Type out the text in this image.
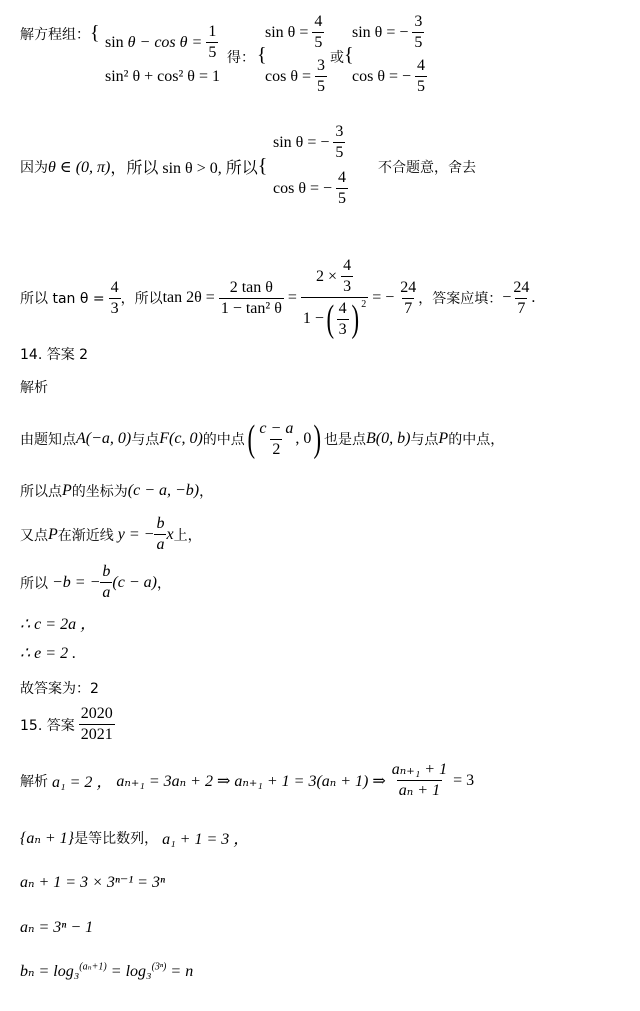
解方程组： { sin
θ − cos
θ =
$\frac{1}{5}$
sin² θ + cos² θ = 1
得： {
sin θ =
$\frac{4}{5}$
cos θ =
$\frac{3}{5}$ 或 {
sin θ = −
$\frac{3}{5}$
cos θ = −
$\frac{4}{5}$
因为 θ ∈ (0, π) ，所以 sin θ > 0, 所以 {
sin θ = −
$\frac{3}{5}$
cos θ = −
$\frac{4}{5}$
不合题意，舍去
所以 tan θ =
$\frac{4}{3}$ ，所以 tan 2θ =
$\frac{\text{2 tan θ}}{\text{1 − tan² θ}}$
=
2 ×
$\frac{4}{3}$
1 − ( $\frac{4}{3}$ ) $^2$
= −
$\frac{24}{7}$ ，答案应填： − $\frac{24}{7}$ .
14. 答案 2
解析
由题知点 A(−a, 0) 与点 F(c, 0) 的中点 ( $\frac{c - a}{2}$ , 0 ) 也是点 B(0, b) 与点 P 的中点，
所以点 P 的坐标为 (c − a, −b) ，
又点 P 在渐近线
y = − $\frac{b}{a}$ x 上，
所以
−b = − $\frac{b}{a} (c - a)$ ，
∴ c = 2a ，
∴ e = 2 .
故答案为：2
15. 答案
$\frac{2020}{2021}$
解析
a₁ = 2 ，
aₙ₊₁ = 3aₙ + 2 ⇒ aₙ₊₁ + 1 = 3(aₙ + 1) ⇒
$\frac{\text{aₙ₊₁ + 1}}{\text{aₙ + 1}}$
= 3
{aₙ + 1} 是等比数列，
a₁ + 1 = 3 ，
aₙ + 1 = 3 × 3ⁿ⁻¹ = 3ⁿ
aₙ = 3ⁿ − 1
bₙ = log₃$^{(a_n+1)}$ = log₃$^{(3^n)}$ = n
